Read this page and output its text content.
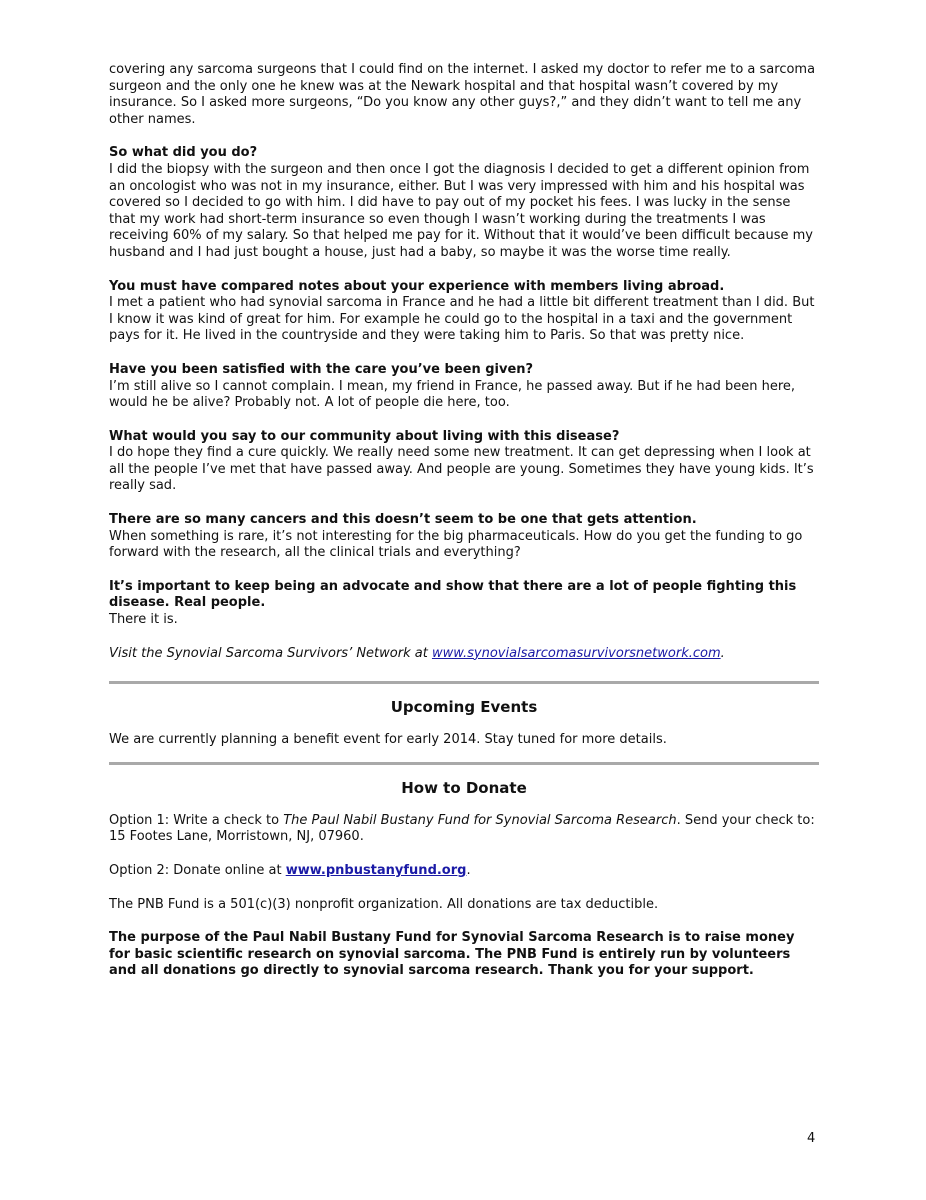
covering any sarcoma surgeons that I could find on the internet. I asked my doctor to refer me to a sarcoma surgeon and the only one he knew was at the Newark hospital and that hospital wasn’t covered by my insurance. So I asked more surgeons, “Do you know any other guys?,” and they didn’t want to tell me any other names.

So what did you do?

I did the biopsy with the surgeon and then once I got the diagnosis I decided to get a different opinion from an oncologist who was not in my insurance, either. But I was very impressed with him and his hospital was covered so I decided to go with him. I did have to pay out of my pocket his fees. I was lucky in the sense that my work had short-term insurance so even though I wasn’t working during the treatments I was receiving 60% of my salary. So that helped me pay for it. Without that it would’ve been difficult because my husband and I had just bought a house, just had a baby, so maybe it was the worse time really.

You must have compared notes about your experience with members living abroad.

I met a patient who had synovial sarcoma in France and he had a little bit different treatment than I did. But I know it was kind of great for him. For example he could go to the hospital in a taxi and the government pays for it. He lived in the countryside and they were taking him to Paris. So that was pretty nice.

Have you been satisfied with the care you’ve been given?

I’m still alive so I cannot complain. I mean, my friend in France, he passed away. But if he had been here, would he be alive? Probably not. A lot of people die here, too.

What would you say to our community about living with this disease?

I do hope they find a cure quickly. We really need some new treatment. It can get depressing when I look at all the people I’ve met that have passed away. And people are young. Sometimes they have young kids. It’s really sad.

There are so many cancers and this doesn’t seem to be one that gets attention.

When something is rare, it’s not interesting for the big pharmaceuticals. How do you get the funding to go forward with the research, all the clinical trials and everything?

It’s important to keep being an advocate and show that there are a lot of people fighting this disease. Real people.

There it is.

Visit the Synovial Sarcoma Survivors’ Network at www.synovialsarcomasurvivorsnetwork.com.

Upcoming Events

We are currently planning a benefit event for early 2014. Stay tuned for more details.

How to Donate

Option 1: Write a check to The Paul Nabil Bustany Fund for Synovial Sarcoma Research. Send your check to: 15 Footes Lane, Morristown, NJ, 07960.

Option 2: Donate online at www.pnbustanyfund.org.

The PNB Fund is a 501(c)(3) nonprofit organization. All donations are tax deductible.

The purpose of the Paul Nabil Bustany Fund for Synovial Sarcoma Research is to raise money for basic scientific research on synovial sarcoma. The PNB Fund is entirely run by volunteers and all donations go directly to synovial sarcoma research. Thank you for your support.

4
